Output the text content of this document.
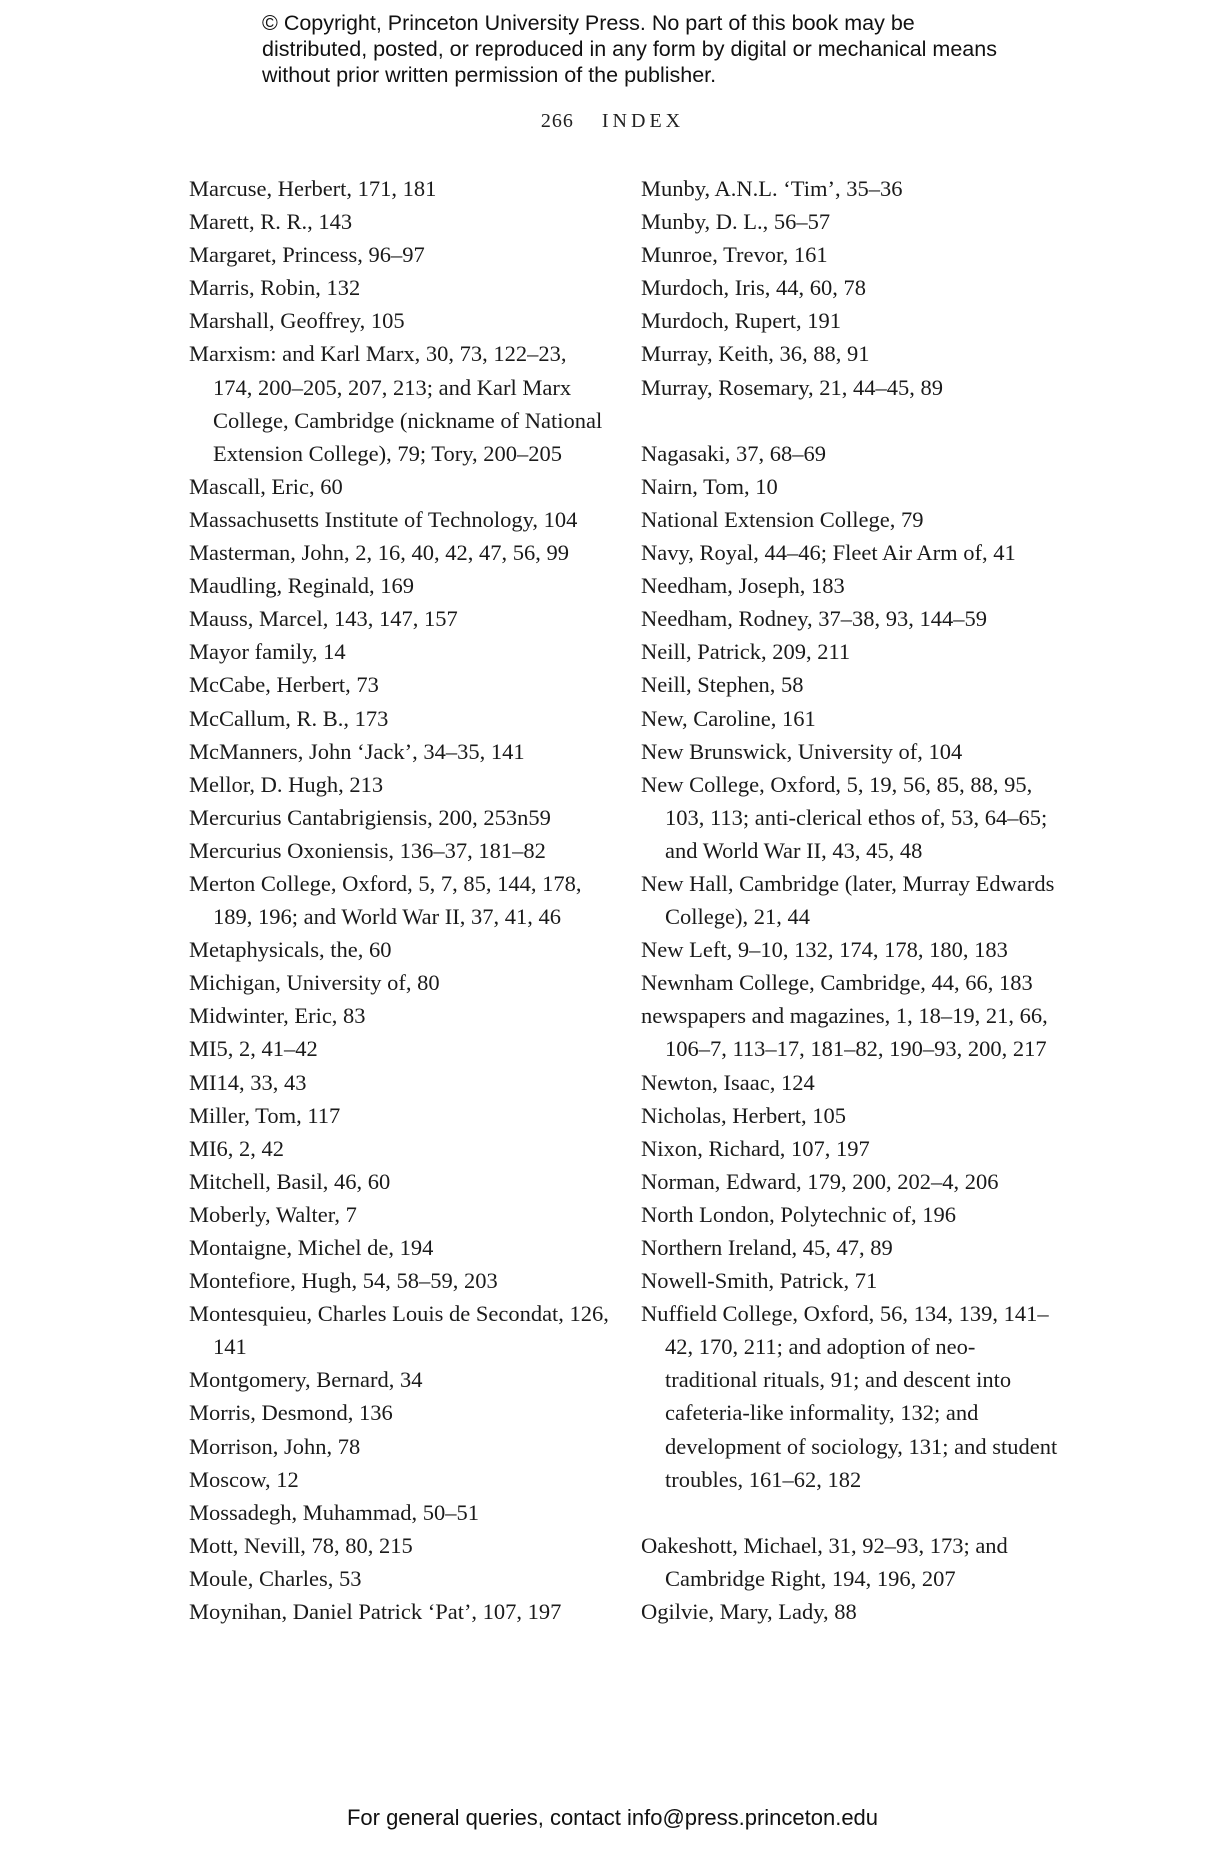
© Copyright, Princeton University Press. No part of this book may be distributed, posted, or reproduced in any form by digital or mechanical means without prior written permission of the publisher.
266 INDEX
Marcuse, Herbert, 171, 181
Marett, R. R., 143
Margaret, Princess, 96–97
Marris, Robin, 132
Marshall, Geoffrey, 105
Marxism: and Karl Marx, 30, 73, 122–23, 174, 200–205, 207, 213; and Karl Marx College, Cambridge (nickname of National Extension College), 79; Tory, 200–205
Mascall, Eric, 60
Massachusetts Institute of Technology, 104
Masterman, John, 2, 16, 40, 42, 47, 56, 99
Maudling, Reginald, 169
Mauss, Marcel, 143, 147, 157
Mayor family, 14
McCabe, Herbert, 73
McCallum, R. B., 173
McManners, John ‘Jack’, 34–35, 141
Mellor, D. Hugh, 213
Mercurius Cantabrigiensis, 200, 253n59
Mercurius Oxoniensis, 136–37, 181–82
Merton College, Oxford, 5, 7, 85, 144, 178, 189, 196; and World War II, 37, 41, 46
Metaphysicals, the, 60
Michigan, University of, 80
Midwinter, Eric, 83
MI5, 2, 41–42
MI14, 33, 43
Miller, Tom, 117
MI6, 2, 42
Mitchell, Basil, 46, 60
Moberly, Walter, 7
Montaigne, Michel de, 194
Montefiore, Hugh, 54, 58–59, 203
Montesquieu, Charles Louis de Secondat, 126, 141
Montgomery, Bernard, 34
Morris, Desmond, 136
Morrison, John, 78
Moscow, 12
Mossadegh, Muhammad, 50–51
Mott, Nevill, 78, 80, 215
Moule, Charles, 53
Moynihan, Daniel Patrick ‘Pat’, 107, 197
Munby, A.N.L. ‘Tim’, 35–36
Munby, D. L., 56–57
Munroe, Trevor, 161
Murdoch, Iris, 44, 60, 78
Murdoch, Rupert, 191
Murray, Keith, 36, 88, 91
Murray, Rosemary, 21, 44–45, 89
Nagasaki, 37, 68–69
Nairn, Tom, 10
National Extension College, 79
Navy, Royal, 44–46; Fleet Air Arm of, 41
Needham, Joseph, 183
Needham, Rodney, 37–38, 93, 144–59
Neill, Patrick, 209, 211
Neill, Stephen, 58
New, Caroline, 161
New Brunswick, University of, 104
New College, Oxford, 5, 19, 56, 85, 88, 95, 103, 113; anti-clerical ethos of, 53, 64–65; and World War II, 43, 45, 48
New Hall, Cambridge (later, Murray Edwards College), 21, 44
New Left, 9–10, 132, 174, 178, 180, 183
Newnham College, Cambridge, 44, 66, 183
newspapers and magazines, 1, 18–19, 21, 66, 106–7, 113–17, 181–82, 190–93, 200, 217
Newton, Isaac, 124
Nicholas, Herbert, 105
Nixon, Richard, 107, 197
Norman, Edward, 179, 200, 202–4, 206
North London, Polytechnic of, 196
Northern Ireland, 45, 47, 89
Nowell-Smith, Patrick, 71
Nuffield College, Oxford, 56, 134, 139, 141–42, 170, 211; and adoption of neo-traditional rituals, 91; and descent into cafeteria-like informality, 132; and development of sociology, 131; and student troubles, 161–62, 182
Oakeshott, Michael, 31, 92–93, 173; and Cambridge Right, 194, 196, 207
Ogilvie, Mary, Lady, 88
For general queries, contact info@press.princeton.edu
